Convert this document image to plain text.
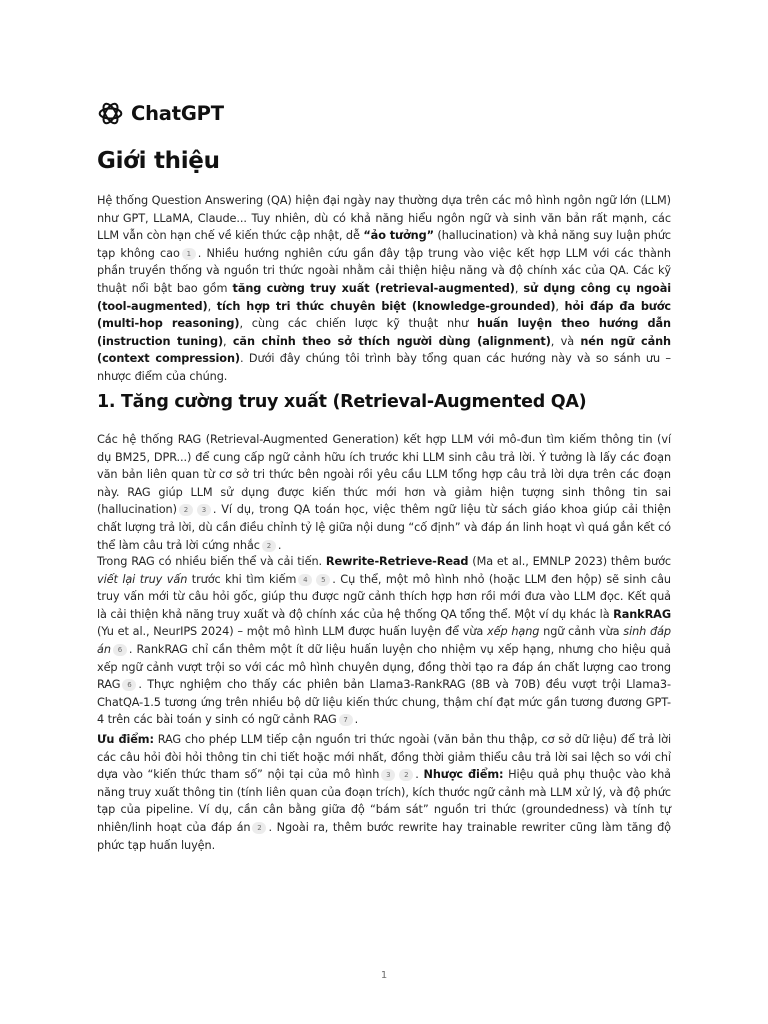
ChatGPT
Giới thiệu

Hệ thống Question Answering (QA) hiện đại ngày nay thường dựa trên các mô hình ngôn ngữ lớn (LLM) như GPT, LLaMA, Claude... Tuy nhiên, dù có khả năng hiểu ngôn ngữ và sinh văn bản rất mạnh, các LLM vẫn còn hạn chế về kiến thức cập nhật, dễ “ảo tưởng” (hallucination) và khả năng suy luận phức tạp không cao 1 . Nhiều hướng nghiên cứu gần đây tập trung vào việc kết hợp LLM với các thành phần truyền thống và nguồn tri thức ngoài nhằm cải thiện hiệu năng và độ chính xác của QA. Các kỹ thuật nổi bật bao gồm tăng cường truy xuất (retrieval-augmented), sử dụng công cụ ngoài (tool-augmented), tích hợp tri thức chuyên biệt (knowledge-grounded), hỏi đáp đa bước (multi-hop reasoning), cùng các chiến lược kỹ thuật như huấn luyện theo hướng dẫn (instruction tuning), căn chỉnh theo sở thích người dùng (alignment), và nén ngữ cảnh (context compression). Dưới đây chúng tôi trình bày tổng quan các hướng này và so sánh ưu – nhược điểm của chúng.

1. Tăng cường truy xuất (Retrieval-Augmented QA)

Các hệ thống RAG (Retrieval-Augmented Generation) kết hợp LLM với mô-đun tìm kiếm thông tin (ví dụ BM25, DPR...) để cung cấp ngữ cảnh hữu ích trước khi LLM sinh câu trả lời. Ý tưởng là lấy các đoạn văn bản liên quan từ cơ sở tri thức bên ngoài rồi yêu cầu LLM tổng hợp câu trả lời dựa trên các đoạn này. RAG giúp LLM sử dụng được kiến thức mới hơn và giảm hiện tượng sinh thông tin sai (hallucination) 2 3 . Ví dụ, trong QA toán học, việc thêm ngữ liệu từ sách giáo khoa giúp cải thiện chất lượng trả lời, dù cần điều chỉnh tỷ lệ giữa nội dung “cố định” và đáp án linh hoạt vì quá gắn kết có thể làm câu trả lời cứng nhắc 2 .

Trong RAG có nhiều biến thể và cải tiến. Rewrite-Retrieve-Read (Ma et al., EMNLP 2023) thêm bước viết lại truy vấn trước khi tìm kiếm 4 5 . Cụ thể, một mô hình nhỏ (hoặc LLM đen hộp) sẽ sinh câu truy vấn mới từ câu hỏi gốc, giúp thu được ngữ cảnh thích hợp hơn rồi mới đưa vào LLM đọc. Kết quả là cải thiện khả năng truy xuất và độ chính xác của hệ thống QA tổng thể. Một ví dụ khác là RankRAG (Yu et al., NeurIPS 2024) – một mô hình LLM được huấn luyện để vừa xếp hạng ngữ cảnh vừa sinh đáp án 6 . RankRAG chỉ cần thêm một ít dữ liệu huấn luyện cho nhiệm vụ xếp hạng, nhưng cho hiệu quả xếp ngữ cảnh vượt trội so với các mô hình chuyên dụng, đồng thời tạo ra đáp án chất lượng cao trong RAG 6 . Thực nghiệm cho thấy các phiên bản Llama3-RankRAG (8B và 70B) đều vượt trội Llama3-ChatQA-1.5 tương ứng trên nhiều bộ dữ liệu kiến thức chung, thậm chí đạt mức gần tương đương GPT-4 trên các bài toán y sinh có ngữ cảnh RAG 7 .

Ưu điểm: RAG cho phép LLM tiếp cận nguồn tri thức ngoài (văn bản thu thập, cơ sở dữ liệu) để trả lời các câu hỏi đòi hỏi thông tin chi tiết hoặc mới nhất, đồng thời giảm thiểu câu trả lời sai lệch so với chỉ dựa vào “kiến thức tham số” nội tại của mô hình 3 2 . Nhược điểm: Hiệu quả phụ thuộc vào khả năng truy xuất thông tin (tính liên quan của đoạn trích), kích thước ngữ cảnh mà LLM xử lý, và độ phức tạp của pipeline. Ví dụ, cần cân bằng giữa độ “bám sát” nguồn tri thức (groundedness) và tính tự nhiên/linh hoạt của đáp án 2 . Ngoài ra, thêm bước rewrite hay trainable rewriter cũng làm tăng độ phức tạp huấn luyện.

1
